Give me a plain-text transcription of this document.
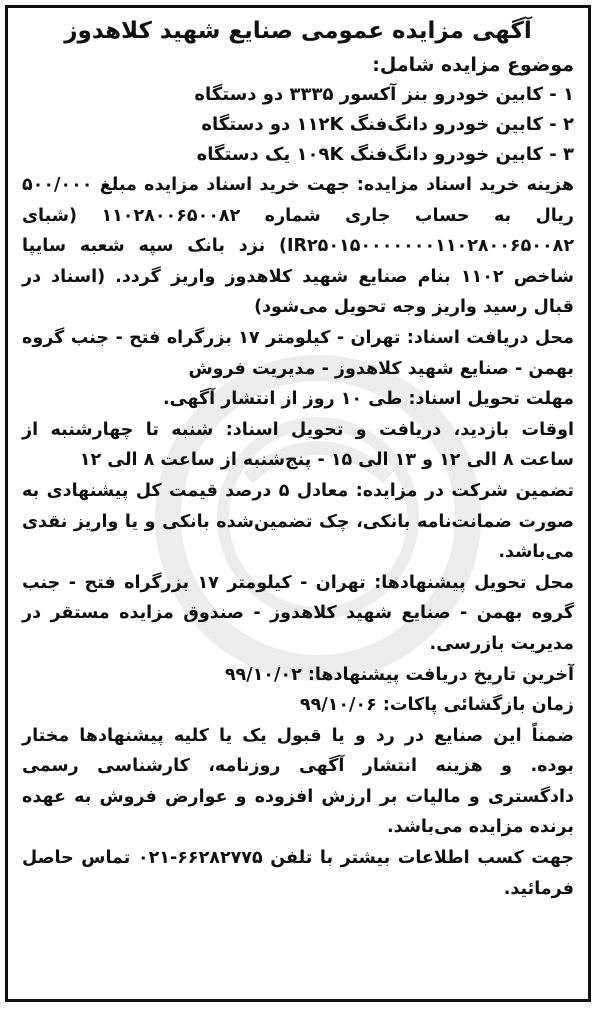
آگهی مزایده عمومی صنایع شهید کلاهدوز
موضوع مزایده شامل:
۱ - کابین خودرو بنز آکسور ۳۳۳۵ دو دستگاه
۲ - کابین خودرو دانگ‌فنگ ۱۱۲K دو دستگاه
۳ - کابین خودرو دانگ‌فنگ ۱۰۹K یک دستگاه
هزینه خرید اسناد مزایده: جهت خرید اسناد مزایده مبلغ ۵۰۰/۰۰۰ ریال به حساب جاری شماره ۱۱۰۲۸۰۰۶۵۰۰۸۲ (شبای IR۲۵۰۱۵۰۰۰۰۰۰۰۱۱۰۲۸۰۰۶۵۰۰۸۲) نزد بانک سپه شعبه سایپا شاخص ۱۱۰۲ بنام صنایع شهید کلاهدوز واریز گردد. (اسناد در قبال رسید واریز وجه تحویل می‌شود)
محل دریافت اسناد: تهران - کیلومتر ۱۷ بزرگراه فتح - جنب گروه بهمن - صنایع شهید کلاهدوز - مدیریت فروش
مهلت تحویل اسناد: طی ۱۰ روز از انتشار آگهی.
اوقات بازدید، دریافت و تحویل اسناد: شنبه تا چهارشنبه از ساعت ۸ الی ۱۲ و ۱۳ الی ۱۵ - پنج‌شنبه از ساعت ۸ الی ۱۲
تضمین شرکت در مزایده: معادل ۵ درصد قیمت کل پیشنهادی به صورت ضمانت‌نامه بانکی، چک تضمین‌شده بانکی و یا واریز نقدی می‌باشد.
محل تحویل پیشنهادها: تهران - کیلومتر ۱۷ بزرگراه فتح - جنب گروه بهمن - صنایع شهید کلاهدوز - صندوق مزایده مستقر در مدیریت بازرسی.
آخرین تاریخ دریافت پیشنهادها: ۹۹/۱۰/۰۲
زمان بازگشائی پاکات: ۹۹/۱۰/۰۶
ضمناً این صنایع در رد و یا قبول یک یا کلیه پیشنهادها مختار بوده. و هزینه انتشار آگهی روزنامه، کارشناسی رسمی دادگستری و مالیات بر ارزش افزوده و عوارض فروش به عهده برنده مزایده می‌باشد.
جهت کسب اطلاعات بیشتر با تلفن ۶۶۲۸۲۷۷۵-۰۲۱ تماس حاصل فرمائید.
